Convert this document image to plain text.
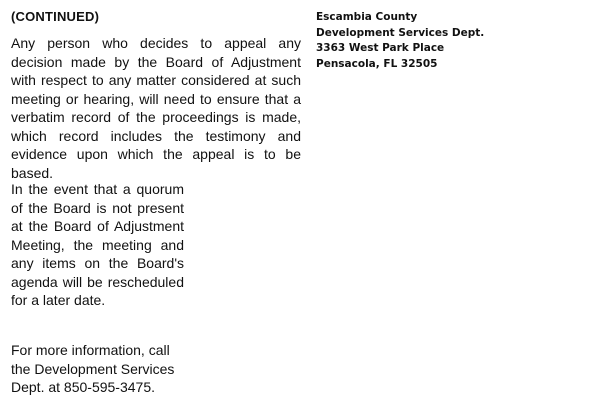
(CONTINUED)

Any person who decides to appeal any decision made by the Board of Adjustment with respect to any matter considered at such meeting or hearing, will need to ensure that a verbatim record of the proceedings is made, which record includes the testimony and evidence upon which the appeal is to be based.

In the event that a quorum of the Board is not present at the Board of Adjustment Meeting, the meeting and any items on the Board's agenda will be rescheduled for a later date.

For more information, call the Development Services Dept. at 850-595-3475.

Escambia County
Development Services Dept.
3363 West Park Place
Pensacola, FL 32505
